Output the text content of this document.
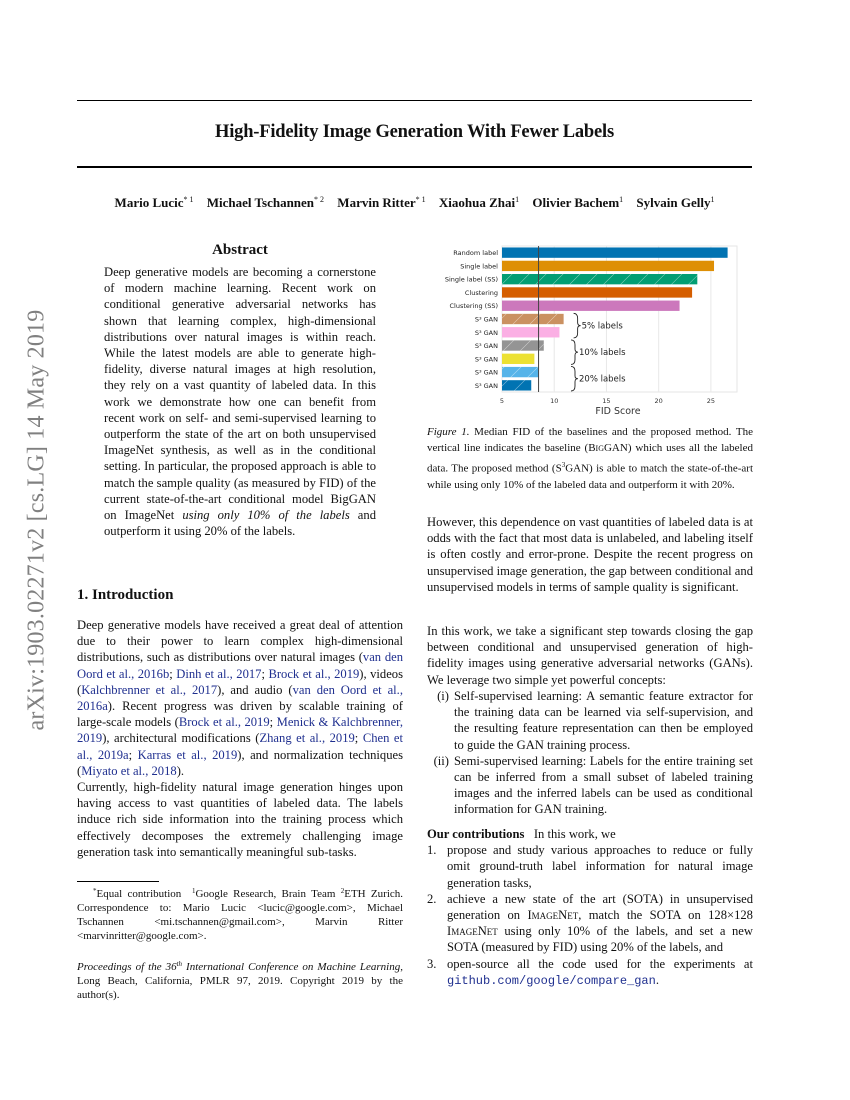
High-Fidelity Image Generation With Fewer Labels
Mario Lucic$^{* 1}$ Michael Tschannen$^{* 2}$ Marvin Ritter$^{* 1}$ Xiaohua Zhai$^1$ Olivier Bachem$^1$ Sylvain Gelly$^1$
arXiv:1903.02271v2 [cs.LG] 14 May 2019
Abstract
Deep generative models are becoming a cornerstone of modern machine learning. Recent work on conditional generative adversarial networks has shown that learning complex, high-dimensional distributions over natural images is within reach. While the latest models are able to generate high-fidelity, diverse natural images at high resolution, they rely on a vast quantity of labeled data. In this work we demonstrate how one can benefit from recent work on self- and semi-supervised learning to outperform the state of the art on both unsupervised ImageNet synthesis, as well as in the conditional setting. In particular, the proposed approach is able to match the sample quality (as measured by FID) of the current state-of-the-art conditional model BigGAN on ImageNet using only 10% of the labels and outperform it using 20% of the labels.
1. Introduction
Deep generative models have received a great deal of attention due to their power to learn complex high-dimensional distributions, such as distributions over natural images (van den Oord et al., 2016b; Dinh et al., 2017; Brock et al., 2019), videos (Kalchbrenner et al., 2017), and audio (van den Oord et al., 2016a). Recent progress was driven by scalable training of large-scale models (Brock et al., 2019; Menick & Kalchbrenner, 2019), architectural modifications (Zhang et al., 2019; Chen et al., 2019a; Karras et al., 2019), and normalization techniques (Miyato et al., 2018).
Currently, high-fidelity natural image generation hinges upon having access to vast quantities of labeled data. The labels induce rich side information into the training process which effectively decomposes the extremely challenging image generation task into semantically meaningful sub-tasks.
*Equal contribution $^1$Google Research, Brain Team $^2$ETH Zurich. Correspondence to: Mario Lucic <lucic@google.com>, Michael Tschannen <mi.tschannen@gmail.com>, Marvin Ritter <marvinritter@google.com>.
Proceedings of the 36th International Conference on Machine Learning, Long Beach, California, PMLR 97, 2019. Copyright 2019 by the author(s).
Random label
Single label
Single label (SS)
Clustering
Clustering (SS)
S³ GAN
S³ GAN
S³ GAN
S³ GAN
S³ GAN
S³ GAN
5	10	15	20	25
5% labels
10% labels
20% labels
FID Score
Figure 1. Median FID of the baselines and the proposed method. The vertical line indicates the baseline (BigGAN) which uses all the labeled data. The proposed method $(S^3GAN)$ is able to match the state-of-the-art while using only 10% of the labeled data and outperform it with 20%.
However, this dependence on vast quantities of labeled data is at odds with the fact that most data is unlabeled, and labeling itself is often costly and error-prone. Despite the recent progress on unsupervised image generation, the gap between conditional and unsupervised models in terms of sample quality is significant.
In this work, we take a significant step towards closing the gap between conditional and unsupervised generation of high-fidelity images using generative adversarial networks (GANs). We leverage two simple yet powerful concepts:
(i) Self-supervised learning: A semantic feature extractor for the training data can be learned via self-supervision, and the resulting feature representation can then be employed to guide the GAN training process.
(ii) Semi-supervised learning: Labels for the entire training set can be inferred from a small subset of labeled training images and the inferred labels can be used as conditional information for GAN training.
Our contributions In this work, we
1. propose and study various approaches to reduce or fully omit ground-truth label information for natural image generation tasks,
2. achieve a new state of the art (SOTA) in unsupervised generation on ImageNet, match the SOTA on 128×128 ImageNet using only 10% of the labels, and set a new SOTA (measured by FID) using 20% of the labels, and
3. open-source all the code used for the experiments at github.com/google/compare_gan.
